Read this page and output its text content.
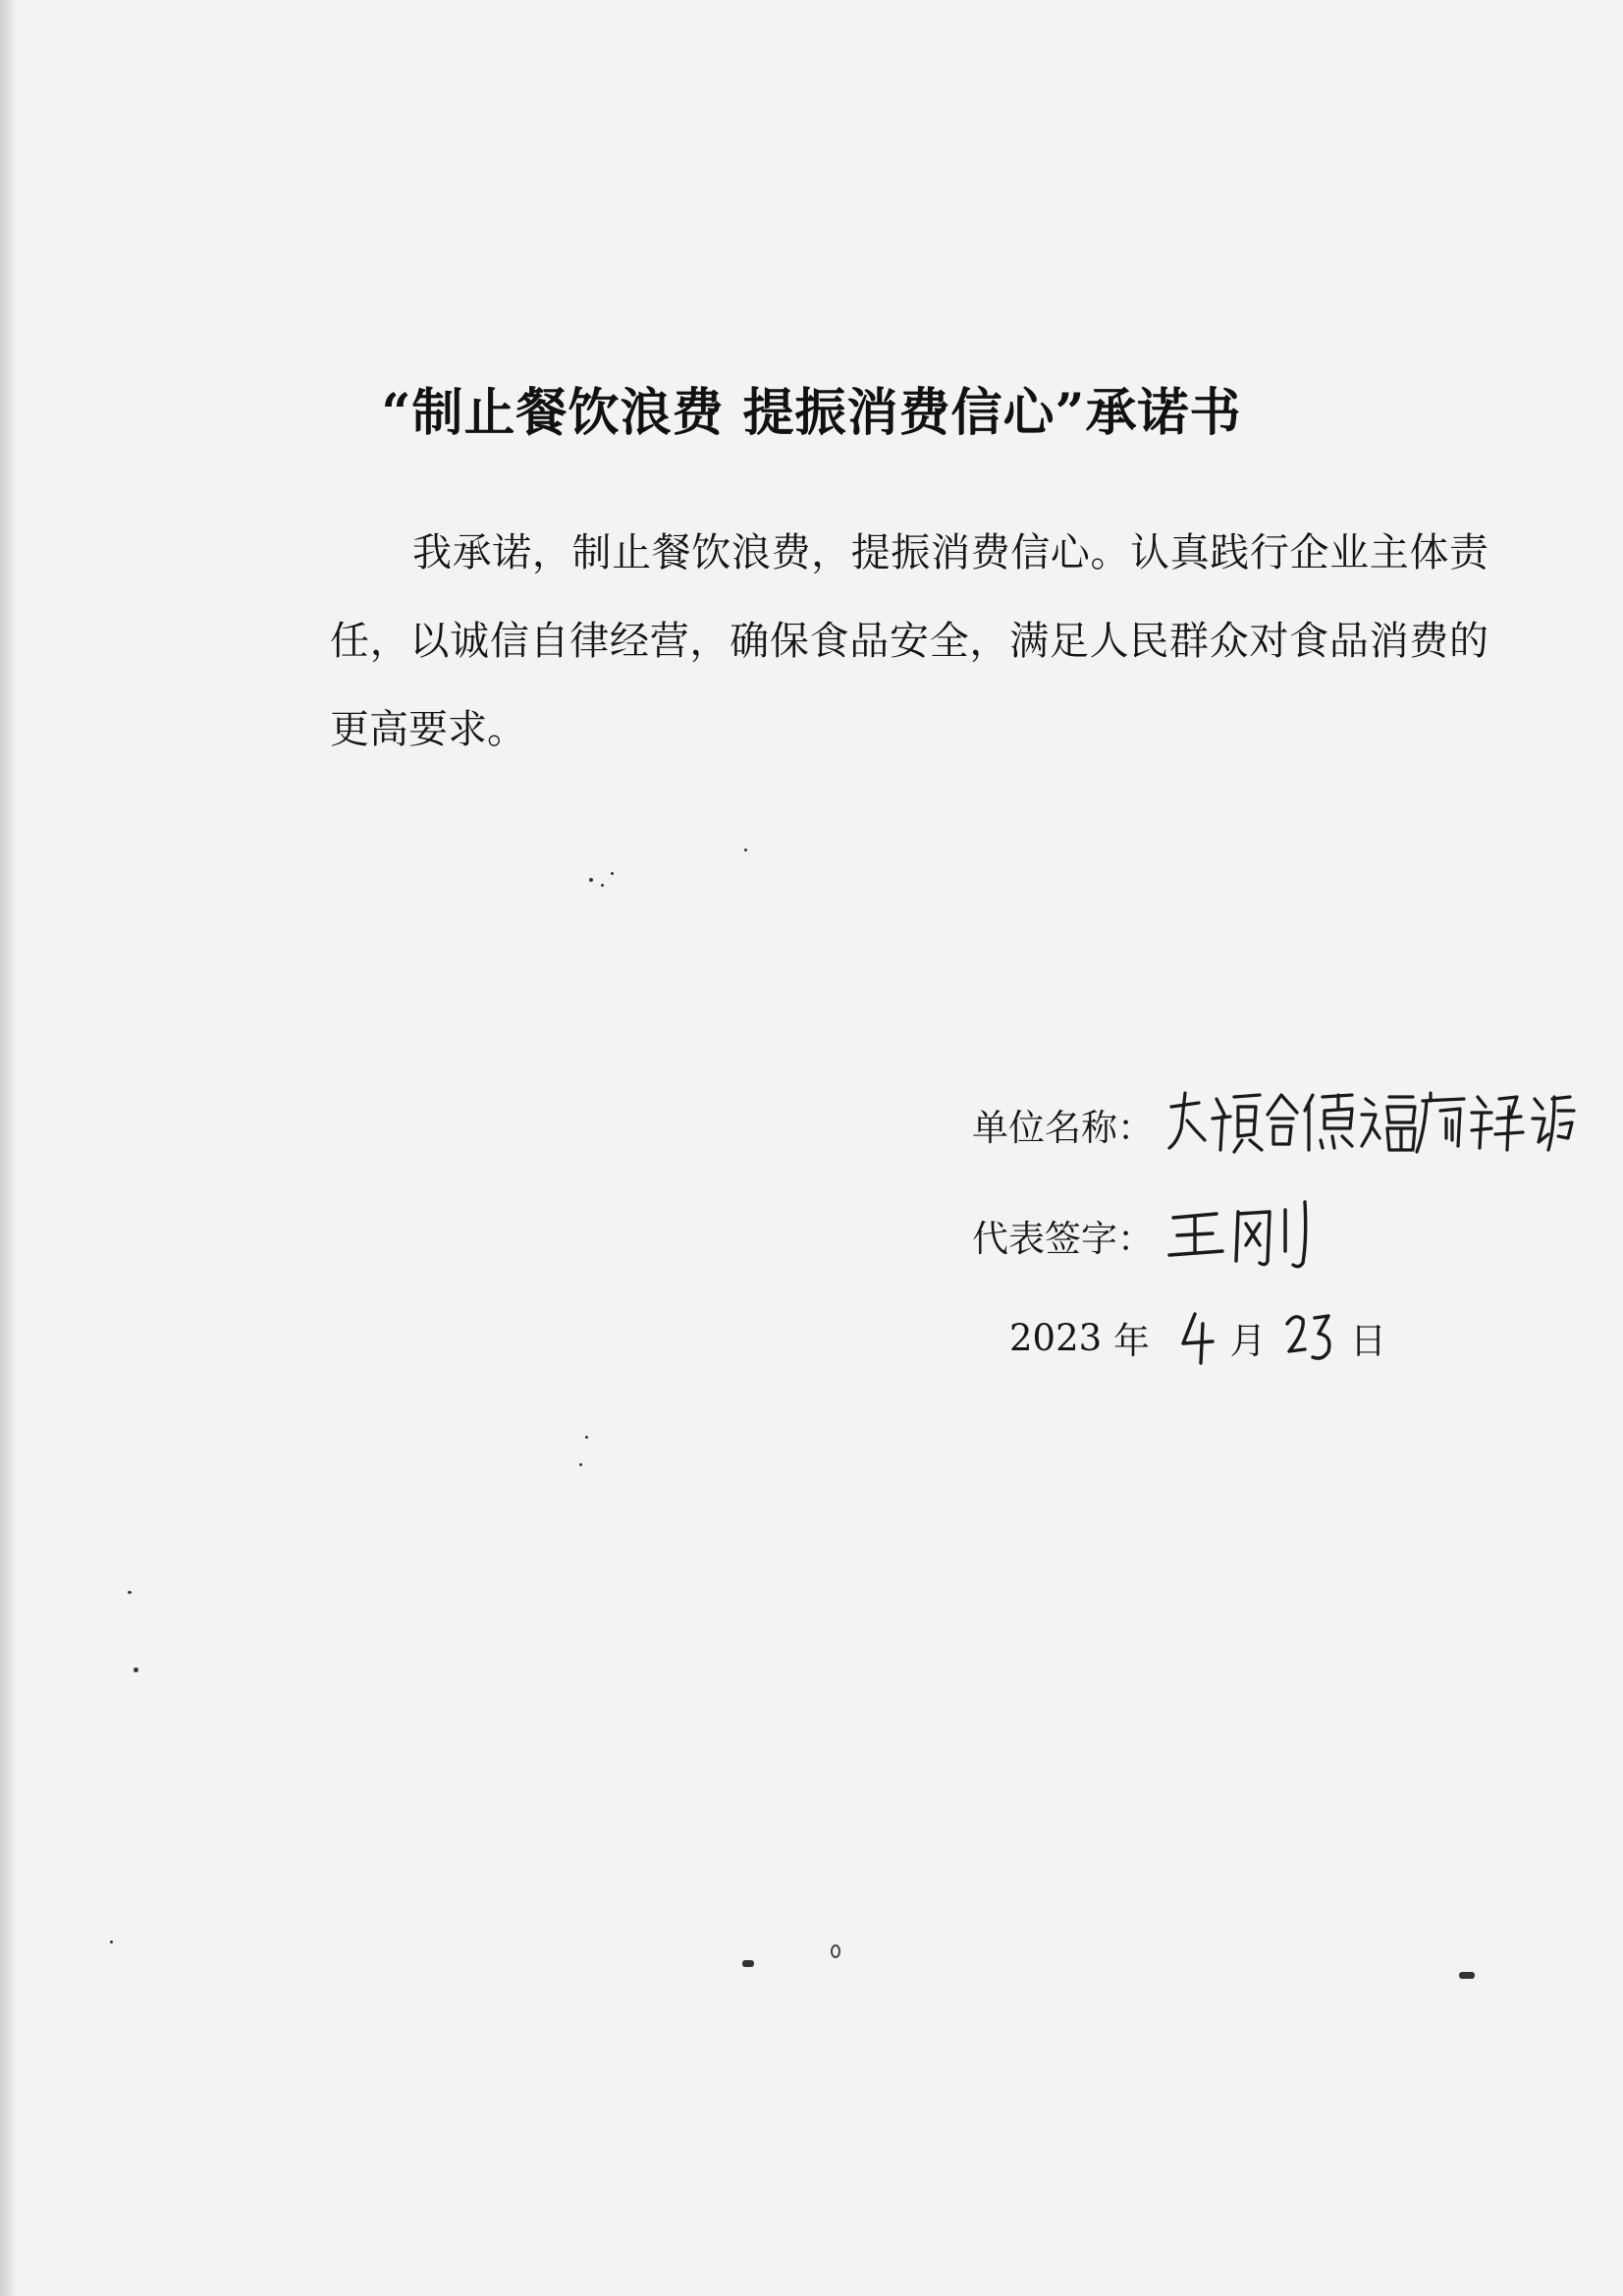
“制止餐饮浪费 提振消费信心”承诺书

我承诺，制止餐饮浪费，提振消费信心。认真践行企业主体责任，以诚信自律经营，确保食品安全，满足人民群众对食品消费的更高要求。

单位名称：
代表签字：
2023 年 月 日
